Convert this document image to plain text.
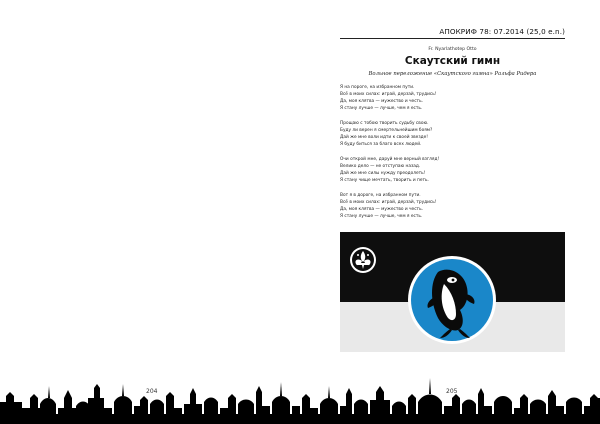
АПОКРИФ 78: 07.2014 (25,0 e.n.)
Fr. Nyarlathotep Otto
Скаутский гимн
Вольное переложение «Скаутского гимна» Ральфа Ридера
Я на пороге, на избранном пути.
Всё в моих силах: играй, дерзай, трудись!
Да, моя клятва — мужество и честь.
Я стану лучше — лучше, чем я есть.
Прощаю с тобою творить судьбу свою.
Буду ли верен я смертельнейшим боям?
Дай же мне воли идти к своей звезде!
Я буду биться за благо всех людей.
Очи открой мне, даруй мне верный взгляд!
Велико дело — не отступаю назад.
Дай же мне силы нужду преодолеть!
Я стану чище мечтать, творить и петь.
Вот я в дороге, на избранном пути.
Всё в моих силах: играй, дерзай, трудись!
Да, моя клятва — мужество и честь.
Я стану лучше — лучше, чем я есть.
204	205
